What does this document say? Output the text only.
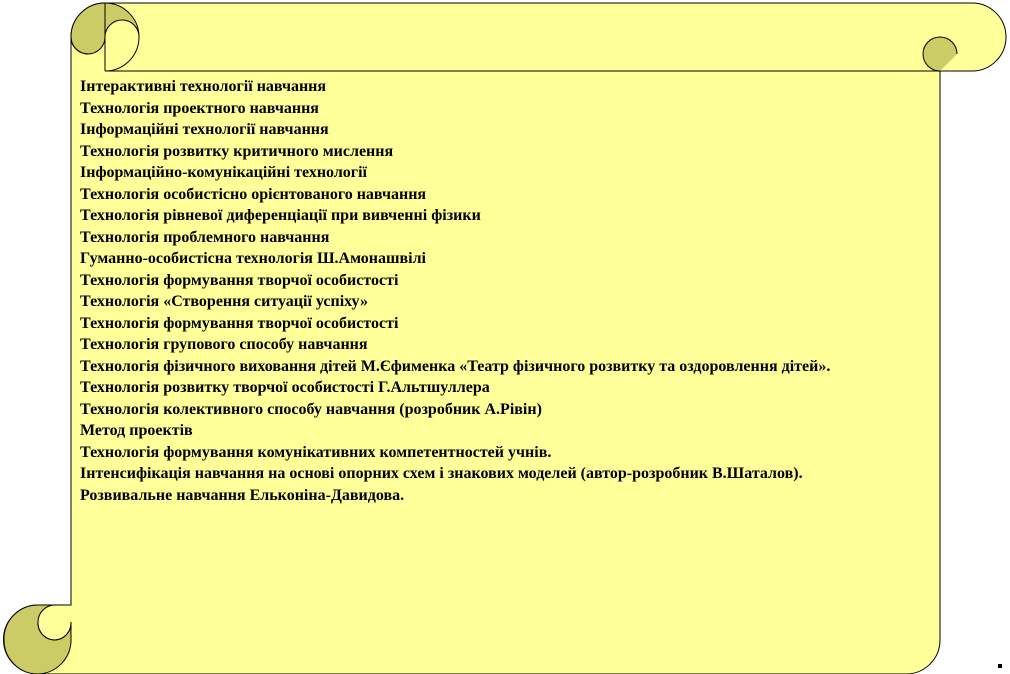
Інтерактивні технології навчання

Технологія проектного навчання

Інформаційні технології навчання

Технологія розвитку критичного мислення

Інформаційно-комунікаційні технології

Технологія особистісно орієнтованого навчання

Технологія рівневої диференціації при вивченні фізики

Технологія проблемного навчання

Гуманно-особистісна технологія Ш.Амонашвілі

Технологія формування творчої особистості

Технологія «Створення ситуації успіху»

Технологія формування творчої особистості

Технологія групового способу навчання

Технологія фізичного виховання дітей М.Єфименка «Театр фізичного розвитку та оздоровлення дітей».

Технологія розвитку творчої особистості Г.Альтшуллера

Технологія колективного способу навчання (розробник А.Рівін)

Метод проектів

Технологія формування комунікативних компетентностей учнів.

Інтенсифікація навчання на основі опорних схем і знакових моделей (автор-розробник В.Шаталов).

Розвивальне навчання Ельконіна-Давидова.
